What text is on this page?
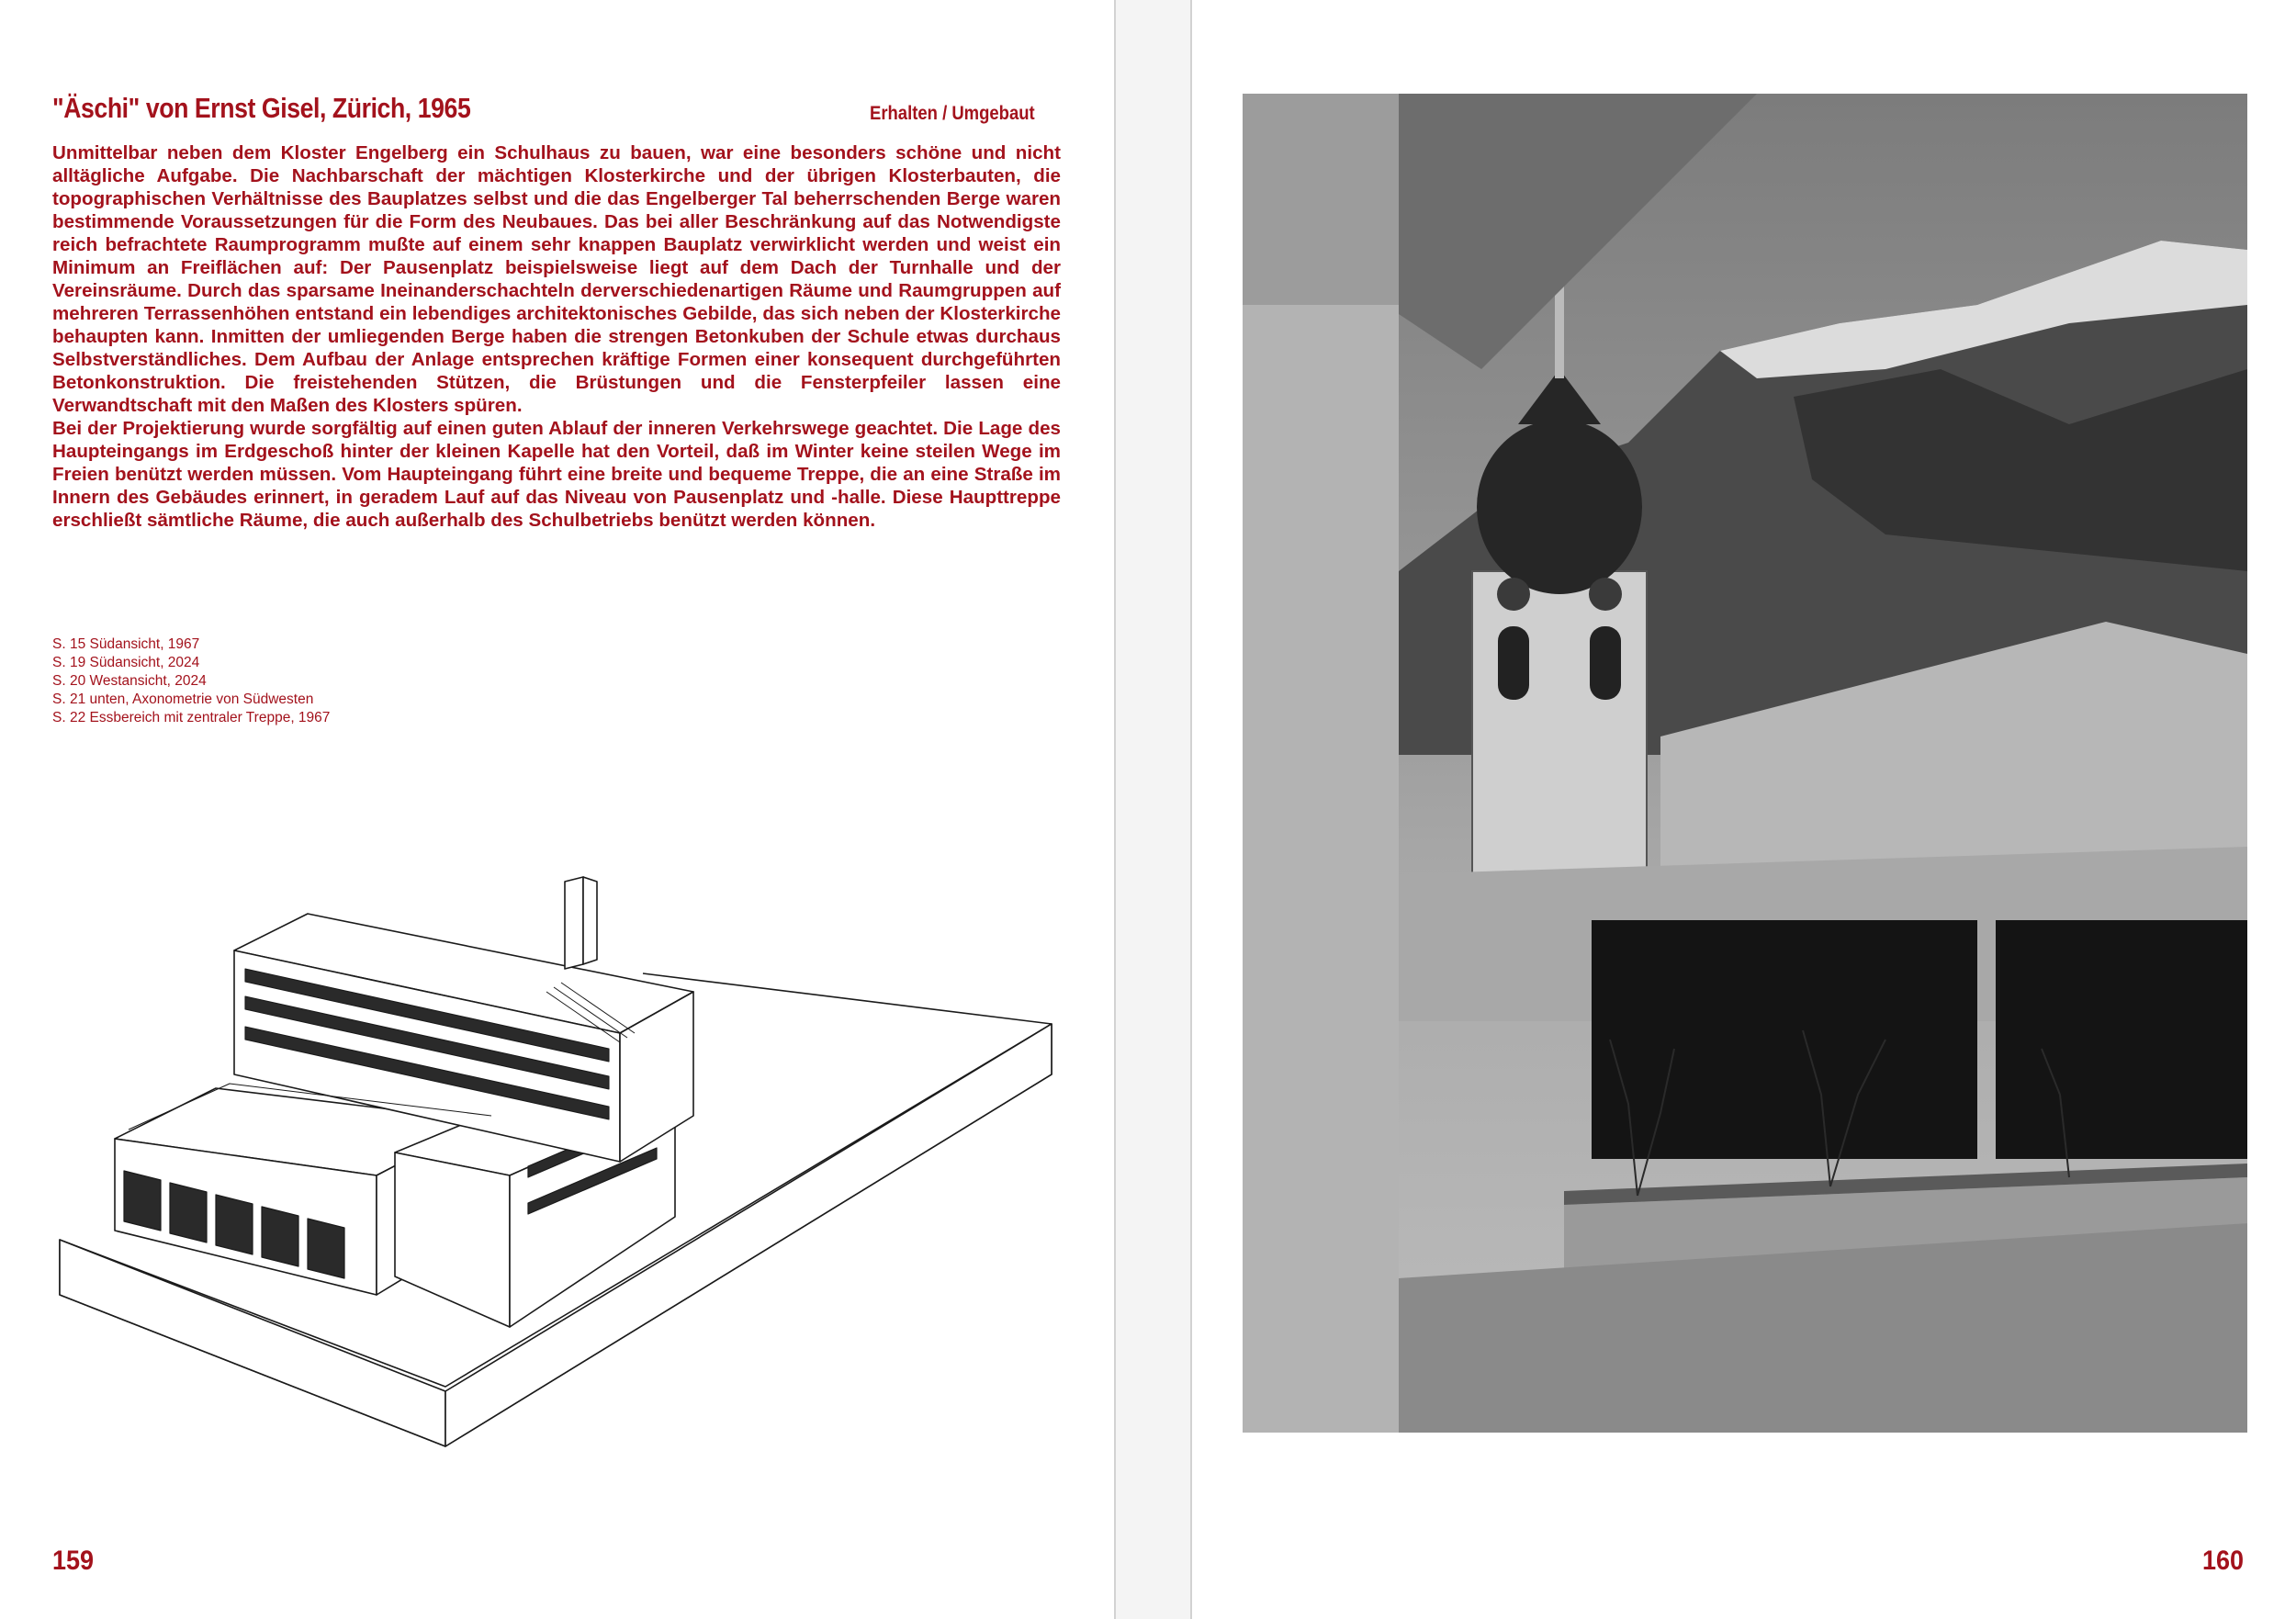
"Äschi" von Ernst Gisel, Zürich, 1965	Erhalten / Umgebaut

Unmittelbar neben dem Kloster Engelberg ein Schulhaus zu bauen, war eine besonders schöne und nicht alltägliche Aufgabe. Die Nachbarschaft der mächtigen Klosterkirche und der übrigen Klosterbauten, die topographischen Verhältnisse des Bauplatzes selbst und die das Engelberger Tal beherrschenden Berge waren bestimmende Voraussetzungen für die Form des Neubaues. Das bei aller Beschränkung auf das Notwendigste reich befrachtete Raumprogramm mußte auf einem sehr knappen Bauplatz verwirklicht werden und weist ein Minimum an Freiflächen auf: Der Pausenplatz beispielsweise liegt auf dem Dach der Turnhalle und der Vereinsräume. Durch das sparsame Ineinanderschachteln derverschiedenartigen Räume und Raumgruppen auf mehreren Terrassenhöhen entstand ein lebendiges architektonisches Gebilde, das sich neben der Klosterkirche behaupten kann. Inmitten der umliegenden Berge haben die strengen Betonkuben der Schule etwas durchaus Selbstverständliches. Dem Aufbau der Anlage entsprechen kräftige Formen einer konsequent durchgeführten Betonkonstruktion. Die freistehenden Stützen, die Brüstungen und die Fensterpfeiler lassen eine Verwandtschaft mit den Maßen des Klosters spüren.

Bei der Projektierung wurde sorgfältig auf einen guten Ablauf der inneren Verkehrswege geachtet. Die Lage des Haupteingangs im Erdgeschoß hinter der kleinen Kapelle hat den Vorteil, daß im Winter keine steilen Wege im Freien benützt werden müssen. Vom Haupteingang führt eine breite und bequeme Treppe, die an eine Straße im Innern des Gebäudes erinnert, in geradem Lauf auf das Niveau von Pausenplatz und -halle. Diese Haupttreppe erschließt sämtliche Räume, die auch außerhalb des Schulbetriebs benützt werden können.

S. 15 Südansicht, 1967
S. 19 Südansicht, 2024
S. 20 Westansicht, 2024
S. 21 unten, Axonometrie von Südwesten
S. 22 Essbereich mit zentraler Treppe, 1967
159	160
